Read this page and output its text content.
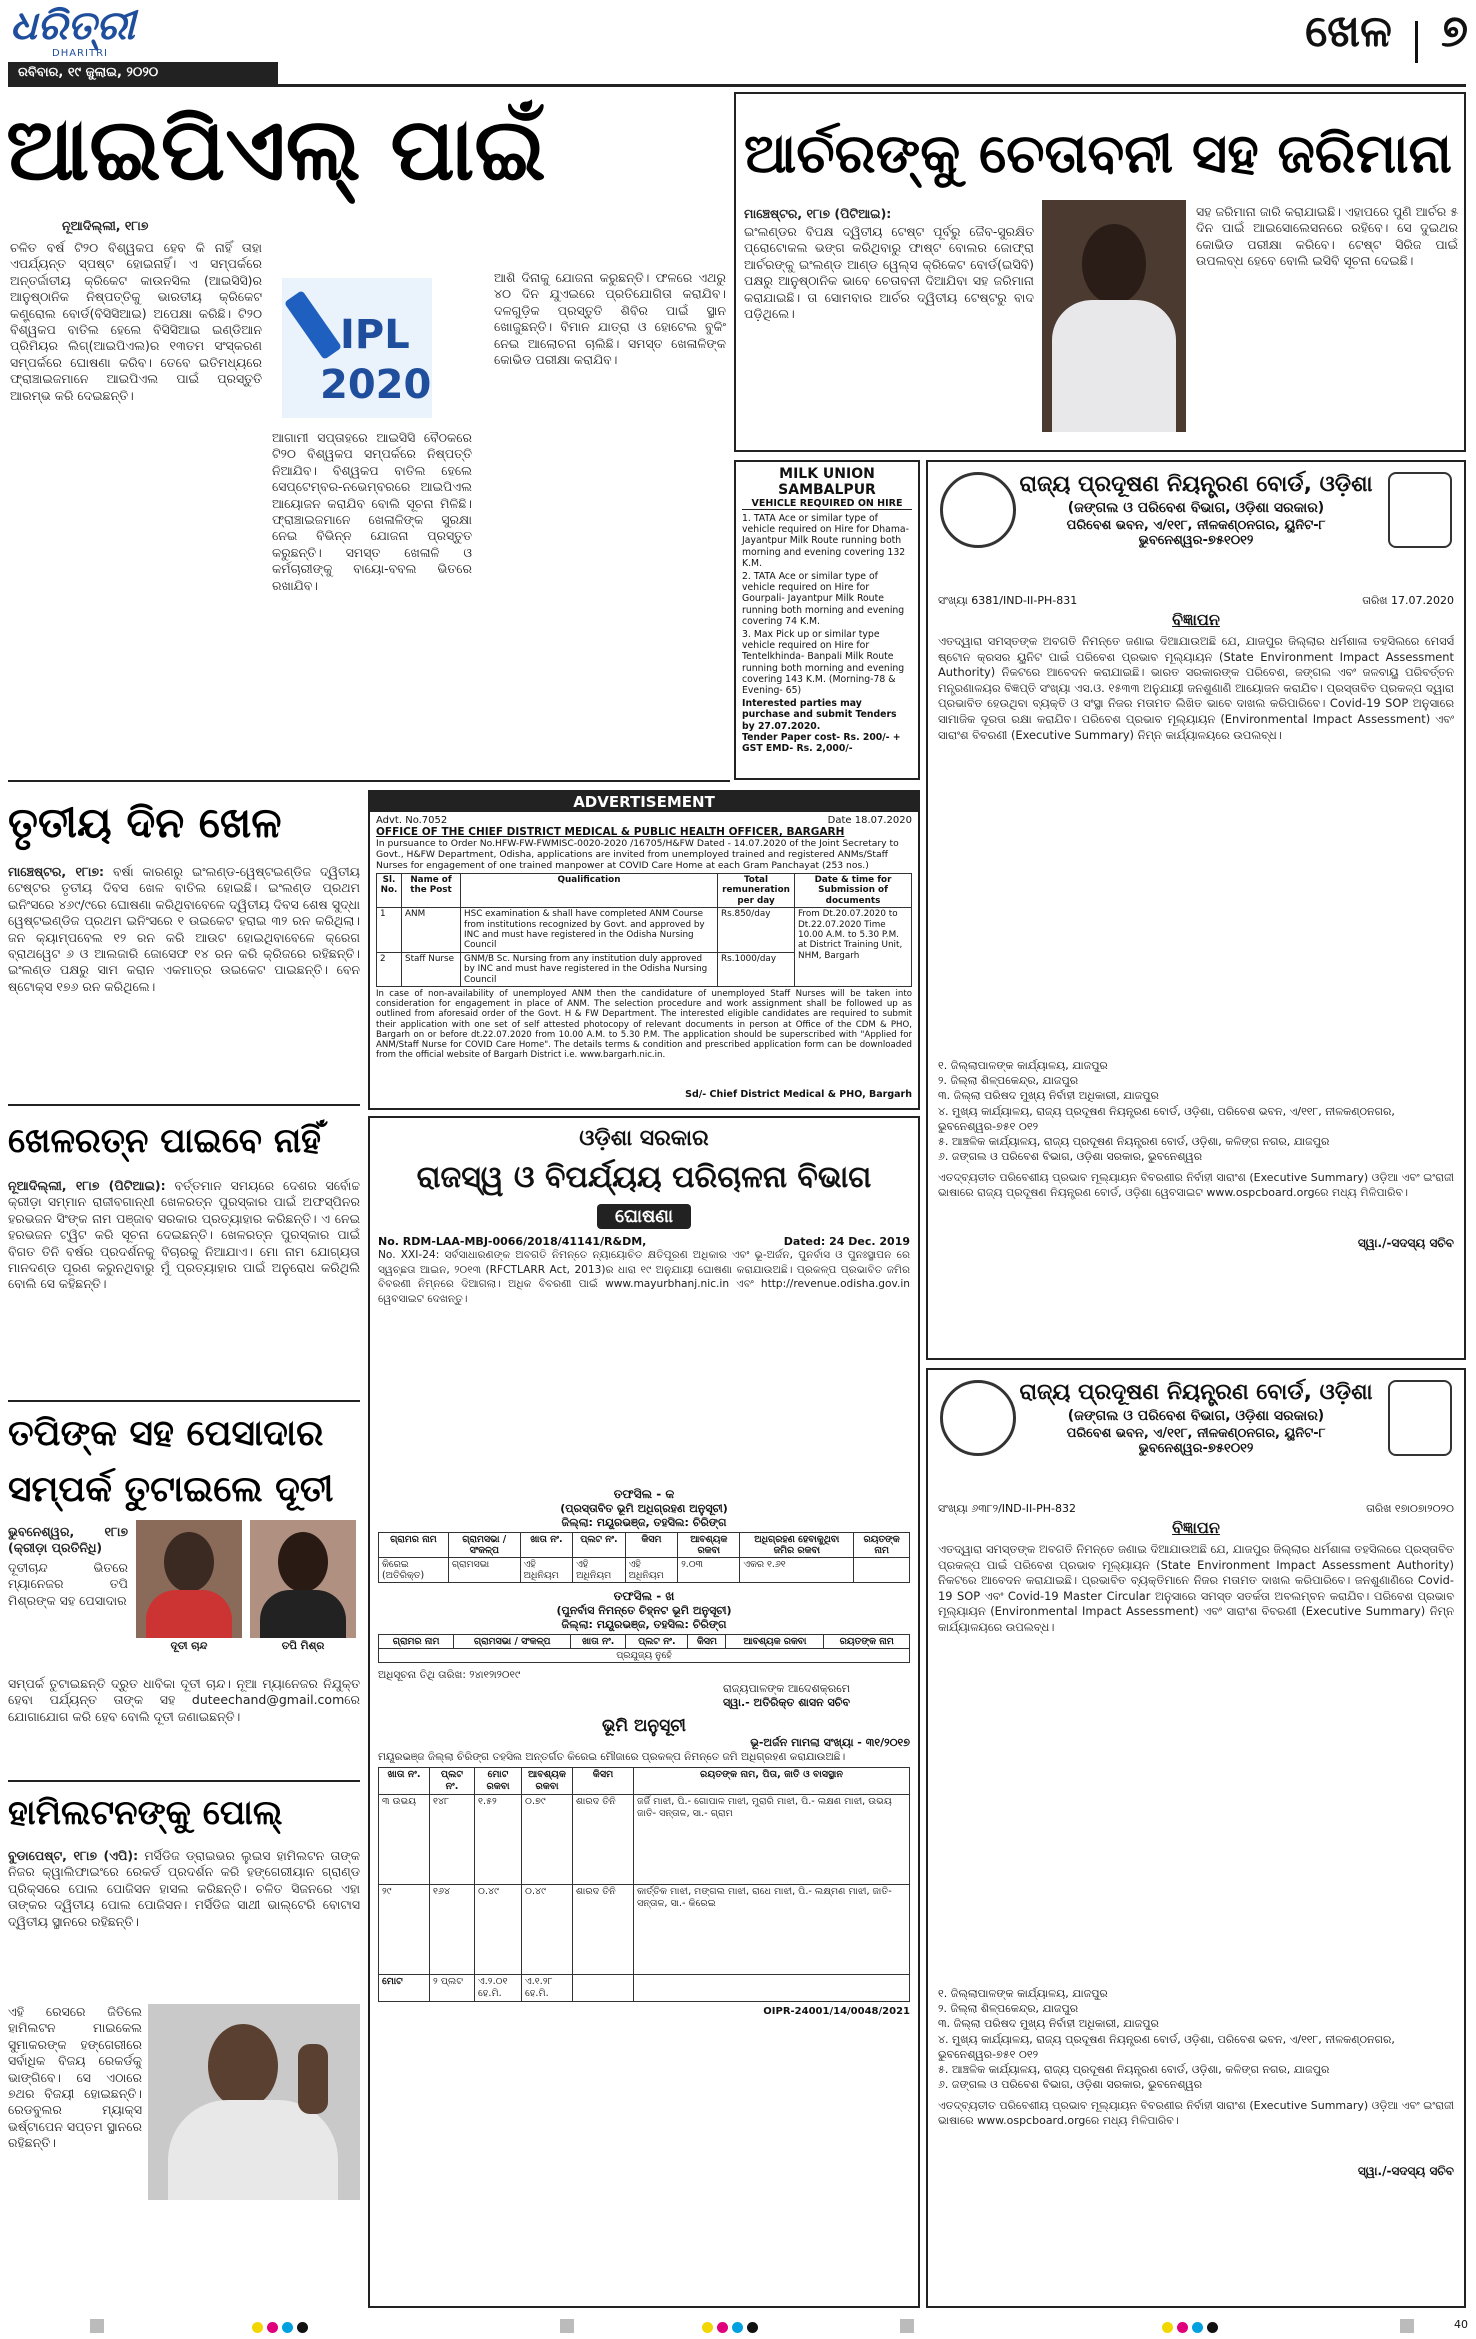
ଧରିତ୍ରୀ
DHARITRI
ରବିବାର, ୧୯ ଜୁଲାଇ, ୨୦୨୦
ଖେଳ ୭
ଆଇପିଏଲ୍ ପାଇଁ
ନୂଆଦିଲ୍ଲୀ, ୧୮ା୭
ଚଳିତ ବର୍ଷ ଟି୨୦ ବିଶ୍ୱକପ ହେବ କି ନାହିଁ ତାହା ଏପର୍ଯ୍ୟନ୍ତ ସ୍ପଷ୍ଟ ହୋଇନାହିଁ। ଏ ସମ୍ପର୍କରେ ଅନ୍ତର୍ଜାତୀୟ କ୍ରିକେଟ କାଉନସିଲ (ଆଇସିସି)ର ଆନୁଷ୍ଠାନିକ ନିଷ୍ପତ୍ତିକୁ ଭାରତୀୟ କ୍ରିକେଟ କଣ୍ଟ୍ରୋଲ ବୋର୍ଡ(ବିସିସିଆଇ) ଅପେକ୍ଷା କରିଛି। ଟି୨୦ ବିଶ୍ୱକପ ବାତିଲ ହେଲେ ବିସିସିଆଇ ଇଣ୍ଡିଆନ ପ୍ରିମିୟର ଲିଗ୍(ଆଇପିଏଲ)ର ୧୩ତମ ସଂସ୍କରଣ ସମ୍ପର୍କରେ ଘୋଷଣା କରିବ। ତେବେ ଇତିମଧ୍ୟରେ ଫ୍ରାଞ୍ଚାଇଜମାନେ ଆଇପିଏଲ ପାଇଁ ପ୍ରସ୍ତୁତି ଆରମ୍ଭ କରି ଦେଇଛନ୍ତି।
IPL
2020
ଆଗାମୀ ସପ୍ତାହରେ ଆଇସିସି ବୈଠକରେ ଟି୨୦ ବିଶ୍ୱକପ ସମ୍ପର୍କରେ ନିଷ୍ପତ୍ତି ନିଆଯିବ। ବିଶ୍ୱକପ ବାତିଲ ହେଲେ ସେପ୍ଟେମ୍ବର-ନଭେମ୍ବରରେ ଆଇପିଏଲ ଆୟୋଜନ କରାଯିବ ବୋଲି ସୂଚନା ମିଳିଛି। ଫ୍ରାଞ୍ଚାଇଜମାନେ ଖେଳାଳିଙ୍କ ସୁରକ୍ଷା ନେଇ ବିଭିନ୍ନ ଯୋଜନା ପ୍ରସ୍ତୁତ କରୁଛନ୍ତି। ସମସ୍ତ ଖେଳାଳି ଓ କର୍ମଚାରୀଙ୍କୁ ବାୟୋ-ବବଲ ଭିତରେ ରଖାଯିବ।
ଆଶି ଦିନାକୁ ଯୋଜନା କରୁଛନ୍ତି। ଫଳରେ ଏଥରୁ ୪୦ ଦିନ ଯୁଏଇରେ ପ୍ରତିଯୋଗିତା କରାଯିବ। ଦଳଗୁଡ଼ିକ ପ୍ରସ୍ତୁତି ଶିବିର ପାଇଁ ସ୍ଥାନ ଖୋଜୁଛନ୍ତି। ବିମାନ ଯାତ୍ରା ଓ ହୋଟେଲ ବୁକିଂ ନେଇ ଆଲୋଚନା ଚାଲିଛି। ସମସ୍ତ ଖେଳାଳିଙ୍କ କୋଭିଡ ପରୀକ୍ଷା କରାଯିବ।
ଆର୍ଚରଙ୍କୁ ଚେତାବନୀ ସହ ଜରିମାନା
ମାଞ୍ଚେଷ୍ଟର, ୧୮ା୭ (ପିଟିଆଇ):
ଇଂଲଣ୍ଡର ବିପକ୍ଷ ଦ୍ୱିତୀୟ ଟେଷ୍ଟ ପୂର୍ବରୁ ଜୈବ-ସୁରକ୍ଷିତ ପ୍ରୋଟୋକଲ ଭଙ୍ଗ କରିଥିବାରୁ ଫାଷ୍ଟ ବୋଲର ଜୋଫ୍ରା ଆର୍ଚରଙ୍କୁ ଇଂଲଣ୍ଡ ଆଣ୍ଡ ୱେଲ୍ସ କ୍ରିକେଟ ବୋର୍ଡ(ଇସିବି) ପକ୍ଷରୁ ଆନୁଷ୍ଠାନିକ ଭାବେ ଚେତାବନୀ ଦିଆଯିବା ସହ ଜରିମାନା କରାଯାଇଛି। ତା ସୋମବାର ଆର୍ଚର ଦ୍ୱିତୀୟ ଟେଷ୍ଟରୁ ବାଦ ପଡ଼ିଥିଲେ।
ସହ ଜରିମାନା ଜାରି କରାଯାଇଛି। ଏହାପରେ ପୁଣି ଆର୍ଚର ୫ ଦିନ ପାଇଁ ଆଇସୋଲେସନରେ ରହିବେ। ସେ ଦୁଇଥର କୋଭିଡ ପରୀକ୍ଷା କରିବେ। ଟେଷ୍ଟ ସିରିଜ ପାଇଁ ଉପଲବ୍ଧ ହେବେ ବୋଲି ଇସିବି ସୂଚନା ଦେଇଛି।
MILK UNION
SAMBALPUR
VEHICLE REQUIRED ON HIRE
1. TATA Ace or similar type of vehicle required on Hire for Dhama- Jayantpur Milk Route running both morning and evening covering 132 K.M.
2. TATA Ace or similar type of vehicle required on Hire for Gourpali- Jayantpur Milk Route running both morning and evening covering 74 K.M.
3. Max Pick up or similar type vehicle required on Hire for Tentelkhinda- Banpali Milk Route running both morning and evening covering 143 K.M. (Morning-78 & Evening- 65)
Interested parties may purchase and submit Tenders by 27.07.2020.
Tender Paper cost- Rs. 200/- + GST EMD- Rs. 2,000/-
ରାଜ୍ୟ ପ୍ରଦୂଷଣ ନିୟନ୍ତ୍ରଣ ବୋର୍ଡ, ଓଡ଼ିଶା
(ଜଙ୍ଗଲ ଓ ପରିବେଶ ବିଭାଗ, ଓଡ଼ିଶା ସରକାର)
ପରିବେଶ ଭବନ, ଏ/୧୧୮, ନୀଳକଣ୍ଠନଗର, ୟୁନିଟ-୮
ଭୁବନେଶ୍ୱର-୭୫୧୦୧୨
ସଂଖ୍ୟା 6381/IND-II-PH-831	ତାରିଖ 17.07.2020
ବିଜ୍ଞାପନ
ଏତଦ୍ୱାରା ସମସ୍ତଙ୍କ ଅବଗତି ନିମନ୍ତେ ଜଣାଇ ଦିଆଯାଉଅଛି ଯେ, ଯାଜପୁର ଜିଲ୍ଲାର ଧର୍ମଶାଳା ତହସିଲରେ ମେସର୍ସ ଷ୍ଟୋନ କ୍ରସର ୟୁନିଟ ପାଇଁ ପରିବେଶ ପ୍ରଭାବ ମୂଲ୍ୟାୟନ (State Environment Impact Assessment Authority) ନିକଟରେ ଆବେଦନ କରାଯାଇଛି। ଭାରତ ସରକାରଙ୍କ ପରିବେଶ, ଜଙ୍ଗଲ ଏବଂ ଜଳବାୟୁ ପରିବର୍ତ୍ତନ ମନ୍ତ୍ରଣାଳୟର ବିଜ୍ଞପ୍ତି ସଂଖ୍ୟା ଏସ.ଓ. ୧୫୩୩ ଅନୁଯାୟୀ ଜନଶୁଣାଣି ଆୟୋଜନ କରାଯିବ। ପ୍ରସ୍ତାବିତ ପ୍ରକଳ୍ପ ଦ୍ୱାରା ପ୍ରଭାବିତ ହେଉଥିବା ବ୍ୟକ୍ତି ଓ ସଂସ୍ଥା ନିଜର ମତାମତ ଲିଖିତ ଭାବେ ଦାଖଲ କରିପାରିବେ। Covid-19 SOP ଅନୁସାରେ ସାମାଜିକ ଦୂରତା ରକ୍ଷା କରାଯିବ। ପରିବେଶ ପ୍ରଭାବ ମୂଲ୍ୟାୟନ (Environmental Impact Assessment) ଏବଂ ସାରାଂଶ ବିବରଣୀ (Executive Summary) ନିମ୍ନ କାର୍ଯ୍ୟାଳୟରେ ଉପଲବ୍ଧ।
୧. ଜିଲ୍ଲାପାଳଙ୍କ କାର୍ଯ୍ୟାଳୟ, ଯାଜପୁର
୨. ଜିଲ୍ଲା ଶିଳ୍ପକେନ୍ଦ୍ର, ଯାଜପୁର
୩. ଜିଲ୍ଲା ପରିଷଦ ମୁଖ୍ୟ ନିର୍ବାହୀ ଅଧିକାରୀ, ଯାଜପୁର
୪. ମୁଖ୍ୟ କାର୍ଯ୍ୟାଳୟ, ରାଜ୍ୟ ପ୍ରଦୂଷଣ ନିୟନ୍ତ୍ରଣ ବୋର୍ଡ, ଓଡ଼ିଶା, ପରିବେଶ ଭବନ, ଏ/୧୧୮, ନୀଳକଣ୍ଠନଗର, ଭୁବନେଶ୍ୱର-୭୫୧ ୦୧୨
୫. ଆଞ୍ଚଳିକ କାର୍ଯ୍ୟାଳୟ, ରାଜ୍ୟ ପ୍ରଦୂଷଣ ନିୟନ୍ତ୍ରଣ ବୋର୍ଡ, ଓଡ଼ିଶା, କଳିଙ୍ଗ ନଗର, ଯାଜପୁର
୬. ଜଙ୍ଗଲ ଓ ପରିବେଶ ବିଭାଗ, ଓଡ଼ିଶା ସରକାର, ଭୁବନେଶ୍ୱର
ଏତଦ୍ବ୍ୟତୀତ ପରିବେଶୀୟ ପ୍ରଭାବ ମୂଲ୍ୟାୟନ ବିବରଣୀର ନିର୍ବାହୀ ସାରାଂଶ (Executive Summary) ଓଡ଼ିଆ ଏବଂ ଇଂରାଜୀ ଭାଷାରେ ରାଜ୍ୟ ପ୍ରଦୂଷଣ ନିୟନ୍ତ୍ରଣ ବୋର୍ଡ, ଓଡ଼ିଶା ୱେବସାଇଟ www.ospcboard.orgରେ ମଧ୍ୟ ମିଳିପାରିବ।
ସ୍ୱା./-ସଦସ୍ୟ ସଚିବ
ତୃତୀୟ ଦିନ ଖେଳ
ମାଞ୍ଚେଷ୍ଟର, ୧୮ା୭: ବର୍ଷା କାରଣରୁ ଇଂଲଣ୍ଡ-ୱେଷ୍ଟଇଣ୍ଡିଜ ଦ୍ୱିତୀୟ ଟେଷ୍ଟର ତୃତୀୟ ଦିବସ ଖେଳ ବାତିଲ ହୋଇଛି। ଇଂଲଣ୍ଡ ପ୍ରଥମ ଇନିଂସରେ ୪୬୯/୯ରେ ଘୋଷଣା କରିଥିବାବେଳେ ଦ୍ୱିତୀୟ ଦିବସ ଶେଷ ସୁଦ୍ଧା ୱେଷ୍ଟଇଣ୍ଡିଜ ପ୍ରଥମ ଇନିଂସରେ ୧ ଉଇକେଟ ହରାଇ ୩୨ ରନ କରିଥିଲା। ଜନ କ୍ୟାମ୍ପବେଲ ୧୨ ରନ କରି ଆଉଟ ହୋଇଥିବାବେଳେ କ୍ରେଗ ବ୍ରାଥୱେଟ ୬ ଓ ଆଲଜାରି ଜୋସେଫ ୧୪ ରନ କରି କ୍ରିଜରେ ରହିଛନ୍ତି। ଇଂଲଣ୍ଡ ପକ୍ଷରୁ ସାମ କରାନ ଏକମାତ୍ର ଉଇକେଟ ପାଇଛନ୍ତି। ବେନ ଷ୍ଟୋକ୍ସ ୧୭୬ ରନ କରିଥିଲେ।
ଖେଳରତ୍ନ ପାଇବେ ନାହିଁ
ନୂଆଦିଲ୍ଲୀ, ୧୮ା୭ (ପିଟିଆଇ): ବର୍ତ୍ତମାନ ସମୟରେ ଦେଶର ସର୍ବୋଚ୍ଚ କ୍ରୀଡ଼ା ସମ୍ମାନ ରାଜୀବଗାନ୍ଧୀ ଖେଳରତ୍ନ ପୁରସ୍କାର ପାଇଁ ଅଫସ୍ପିନର ହରଭଜନ ସିଂଙ୍କ ନାମ ପଞ୍ଜାବ ସରକାର ପ୍ରତ୍ୟାହାର କରିଛନ୍ତି। ଏ ନେଇ ହରଭଜନ ଟ୍ୱିଟ କରି ସୂଚନା ଦେଇଛନ୍ତି। ଖେଳରତ୍ନ ପୁରସ୍କାର ପାଇଁ ବିଗତ ତିନି ବର୍ଷର ପ୍ରଦର୍ଶନକୁ ବିଚାରକୁ ନିଆଯାଏ। ମୋ ନାମ ଯୋଗ୍ୟତା ମାନଦଣ୍ଡ ପୂରଣ କରୁନଥିବାରୁ ମୁଁ ପ୍ରତ୍ୟାହାର ପାଇଁ ଅନୁରୋଧ କରିଥିଲି ବୋଲି ସେ କହିଛନ୍ତି।
ତପିଙ୍କ ସହ ପେସାଦାର
ସମ୍ପର୍କ ତୁଟାଇଲେ ଦୂତୀ
ଭୁବନେଶ୍ୱର, ୧୮ା୭ (କ୍ରୀଡ଼ା ପ୍ରତିନିଧି)
ଦୂତୀଚାନ୍ଦ ଭିତରେ ମ୍ୟାନେଜର ତପି ମିଶ୍ରଙ୍କ ସହ ପେସାଦାର
ଦୂତୀ ଚାନ୍ଦ	ତପି ମିଶ୍ର
ସମ୍ପର୍କ ତୁଟାଇଛନ୍ତି ଦ୍ରୁତ ଧାବିକା ଦୂତୀ ଚାନ୍ଦ। ନୂଆ ମ୍ୟାନେଜର ନିଯୁକ୍ତ ହେବା ପର୍ଯ୍ୟନ୍ତ ତାଙ୍କ ସହ duteechand@gmail.comରେ ଯୋଗାଯୋଗ କରି ହେବ ବୋଲି ଦୂତୀ ଜଣାଇଛନ୍ତି।
ହାମିଲଟନଙ୍କୁ ପୋଲ୍
ବୁଡାପେଷ୍ଟ, ୧୮ା୭ (ଏପି): ମର୍ସିଡିଜ ଡ୍ରାଇଭର ଲୁଇସ ହାମିଲଟନ ତାଙ୍କ ନିଜର କ୍ୱାଲିଫାଇଂରେ ରେକର୍ଡ ପ୍ରଦର୍ଶନ କରି ହଙ୍ଗେରୀୟାନ ଗ୍ରାଣ୍ଡ ପ୍ରିକ୍ସରେ ପୋଲ ପୋଜିସନ ହାସଲ କରିଛନ୍ତି। ଚଳିତ ସିଜନରେ ଏହା ତାଙ୍କର ଦ୍ୱିତୀୟ ପୋଲ ପୋଜିସନ। ମର୍ସିଡିଜ ସାଥୀ ଭାଲ୍ଟେରି ବୋଟାସ ଦ୍ୱିତୀୟ ସ୍ଥାନରେ ରହିଛନ୍ତି।
ଏହି ରେସରେ ଜିତିଲେ ହାମିଲଟନ ମାଇକେଲ ସୁମାକରଙ୍କ ହଙ୍ଗେରୀରେ ସର୍ବାଧିକ ବିଜୟ ରେକର୍ଡକୁ ଭାଙ୍ଗିବେ। ସେ ଏଠାରେ ୭ଥର ବିଜୟୀ ହୋଇଛନ୍ତି। ରେଡବୁଲର ମ୍ୟାକ୍ସ ଭର୍ଷ୍ଟାପେନ ସପ୍ତମ ସ୍ଥାନରେ ରହିଛନ୍ତି।
ADVERTISEMENT
Advt. No.7052	Date 18.07.2020
OFFICE OF THE CHIEF DISTRICT MEDICAL & PUBLIC HEALTH OFFICER, BARGARH
In pursuance to Order No.HFW-FW-FWMISC-0020-2020 /16705/H&FW Dated - 14.07.2020 of the Joint Secretary to Govt., H&FW Department, Odisha, applications are invited from unemployed trained and registered ANMs/Staff Nurses for engagement of one trained manpower at COVID Care Home at each Gram Panchayat (253 nos.)
Sl. No.	Name of the Post	Qualification	Total remuneration per day	Date & time for Submission of documents
1	ANM	HSC examination & shall have completed ANM Course from institutions recognized by Govt. and approved by INC and must have registered in the Odisha Nursing Council	Rs.850/day	From Dt.20.07.2020 to Dt.22.07.2020 Time 10.00 A.M. to 5.30 P.M. at District Training Unit, NHM, Bargarh
2	Staff Nurse	GNM/B Sc. Nursing from any institution duly approved by INC and must have registered in the Odisha Nursing Council	Rs.1000/day	
In case of non-availability of unemployed ANM then the candidature of unemployed Staff Nurses will be taken into consideration for engagement in place of ANM. The selection procedure and work assignment shall be followed up as outlined from aforesaid order of the Govt. H & FW Department. The interested eligible candidates are required to submit their application with one set of self attested photocopy of relevant documents in person at Office of the CDM & PHO, Bargarh on or before dt.22.07.2020 from 10.00 A.M. to 5.30 P.M. The application should be superscribed with "Applied for ANM/Staff Nurse for COVID Care Home". The details terms & condition and prescribed application form can be downloaded from the official website of Bargarh District i.e. www.bargarh.nic.in.
Sd/- Chief District Medical & PHO, Bargarh
ଓଡ଼ିଶା ସରକାର
ରାଜସ୍ୱ ଓ ବିପର୍ଯ୍ୟୟ ପରିଚାଳନା ବିଭାଗ
ଘୋଷଣା
No. RDM-LAA-MBJ-0066/2018/41141/R&DM,	Dated: 24 Dec. 2019
No. XXI-24: ସର୍ବସାଧାରଣଙ୍କ ଅବଗତି ନିମନ୍ତେ ନ୍ୟାୟୋଚିତ କ୍ଷତିପୂରଣ ଅଧିକାର ଏବଂ ଭୂ-ଅର୍ଜନ, ପୁନର୍ବାସ ଓ ପୁନଃସ୍ଥାପନ ରେ ସ୍ୱଚ୍ଛତା ଆଇନ, ୨୦୧୩ (RFCTLARR Act, 2013)ର ଧାରା ୧୯ ଅନୁଯାୟୀ ଘୋଷଣା କରାଯାଉଅଛି। ପ୍ରକଳ୍ପ ପ୍ରଭାବିତ ଜମିର ବିବରଣୀ ନିମ୍ନରେ ଦିଆଗଲା। ଅଧିକ ବିବରଣୀ ପାଇଁ www.mayurbhanj.nic.in ଏବଂ http://revenue.odisha.gov.in ୱେବସାଇଟ ଦେଖନ୍ତୁ।
ତଫସିଲ - କ
(ପ୍ରସ୍ତାବିତ ଭୂମି ଅଧିଗ୍ରହଣ ଅନୁସୂଚୀ)
ଜିଲ୍ଲା: ମୟୂରଭଞ୍ଜ, ତହସିଲ: ଚିରିଙ୍ଗ
ଗ୍ରାମର ନାମ	ଗ୍ରାମସଭା / ସଂକଳ୍ପ	ଖାତା ନଂ.	ପ୍ଲଟ ନଂ.	କିସମ	ଆବଶ୍ୟକ ରକବା	ଅଧିଗ୍ରହଣ ହେବାକୁଥିବା ଜମିର ରକବା	ରୟତଙ୍କ ନାମ
କିରେଇ (ଅତିରିକ୍ତ)	ଗ୍ରାମସଭା	ଏହି ଅଧିନିୟମ	ଏହି ଅଧିନିୟମ	ଏହି ଅଧିନିୟମ	୨.୦୩	ଏକର ୧.୬୧	
ତଫସିଲ - ଖ
(ପୁନର୍ବାସ ନିମନ୍ତେ ଚିହ୍ନଟ ଭୂମି ଅନୁସୂଚୀ)
ଜିଲ୍ଲା: ମୟୂରଭଞ୍ଜ, ତହସିଲ: ଚିରିଙ୍ଗ
ଗ୍ରାମର ନାମ	ଗ୍ରାମସଭା / ସଂକଳ୍ପ	ଖାତା ନଂ.	ପ୍ଲଟ ନଂ.	କିସମ	ଆବଶ୍ୟକ ରକବା	ରୟତଙ୍କ ନାମ
ପ୍ରଯୁଜ୍ୟ ନୁହେଁ
ଅଧିସୂଚନା ତିଥି ତାରିଖ: ୨୪ା୧୨ା୨୦୧୯
ରାଜ୍ୟପାଳଙ୍କ ଆଦେଶକ୍ରମେ
ସ୍ୱା.- ଅତିରିକ୍ତ ଶାସନ ସଚିବ
ଭୂମି ଅନୁସୂଚୀ
ଭୂ-ଅର୍ଜନ ମାମଲା ସଂଖ୍ୟା - ୩୧/୨୦୧୭
ମୟୂରଭଞ୍ଜ ଜିଲ୍ଲା ଚିରିଙ୍ଗ ତହସିଲ ଅନ୍ତର୍ଗତ କିରେଇ ମୌଜାରେ ପ୍ରକଳ୍ପ ନିମନ୍ତେ ଜମି ଅଧିଗ୍ରହଣ କରାଯାଉଅଛି।
ଖାତା ନଂ.	ପ୍ଲଟ ନଂ.	ମୋଟ ରକବା	ଆବଶ୍ୟକ ରକବା	କିସମ	ରୟତଙ୍କ ନାମ, ପିତା, ଜାତି ଓ ବାସସ୍ଥାନ
୩ ଉଭୟ	୧୪୮	୧.୫୨	୦.୭୯	ଶାରଦ ତିନି	ଜର୍ଜି ମାଝୀ, ପି.- ଗୋପାଳ ମାଝୀ, ମୁରାରି ମାଝୀ, ପି.- ଲକ୍ଷଣ ମାଝୀ, ଉଭୟ ଜାତି- ସନ୍ତାଳ, ସା.- ଗ୍ରାମ
୨୯	୧୬୪	୦.୪୯	୦.୪୯	ଶାରଦ ତିନି	କାର୍ତ୍ତିକ ମାଝୀ, ମଙ୍ଗଲ ମାଝୀ, ରାଧେ ମାଝୀ, ପି.- ଲକ୍ଷ୍ମଣ ମାଝୀ, ଜାତି- ସନ୍ତାଳ, ସା.- କିରେଇ
ମୋଟ	୨ ପ୍ଲଟ	ଏ.୨.୦୧ ହେ.ମି.	ଏ.୧.୨୮ ହେ.ମି.		
OIPR-24001/14/0048/2021
ରାଜ୍ୟ ପ୍ରଦୂଷଣ ନିୟନ୍ତ୍ରଣ ବୋର୍ଡ, ଓଡ଼ିଶା
(ଜଙ୍ଗଲ ଓ ପରିବେଶ ବିଭାଗ, ଓଡ଼ିଶା ସରକାର)
ପରିବେଶ ଭବନ, ଏ/୧୧୮, ନୀଳକଣ୍ଠନଗର, ୟୁନିଟ-୮
ଭୁବନେଶ୍ୱର-୭୫୧୦୧୨
ସଂଖ୍ୟା ୬୩୮୨/IND-II-PH-832	ତାରିଖ ୧୭ା୦୭ା୨୦୨୦
ବିଜ୍ଞାପନ
ଏତଦ୍ୱାରା ସମସ୍ତଙ୍କ ଅବଗତି ନିମନ୍ତେ ଜଣାଇ ଦିଆଯାଉଅଛି ଯେ, ଯାଜପୁର ଜିଲ୍ଲାର ଧର୍ମଶାଳା ତହସିଲରେ ପ୍ରସ୍ତାବିତ ପ୍ରକଳ୍ପ ପାଇଁ ପରିବେଶ ପ୍ରଭାବ ମୂଲ୍ୟାୟନ (State Environment Impact Assessment Authority) ନିକଟରେ ଆବେଦନ କରାଯାଇଛି। ପ୍ରଭାବିତ ବ୍ୟକ୍ତିମାନେ ନିଜର ମତାମତ ଦାଖଲ କରିପାରିବେ। ଜନଶୁଣାଣିରେ Covid-19 SOP ଏବଂ Covid-19 Master Circular ଅନୁସାରେ ସମସ୍ତ ସତର୍କତା ଅବଲମ୍ବନ କରାଯିବ। ପରିବେଶ ପ୍ରଭାବ ମୂଲ୍ୟାୟନ (Environmental Impact Assessment) ଏବଂ ସାରାଂଶ ବିବରଣୀ (Executive Summary) ନିମ୍ନ କାର୍ଯ୍ୟାଳୟରେ ଉପଲବ୍ଧ।
୧. ଜିଲ୍ଲାପାଳଙ୍କ କାର୍ଯ୍ୟାଳୟ, ଯାଜପୁର
୨. ଜିଲ୍ଲା ଶିଳ୍ପକେନ୍ଦ୍ର, ଯାଜପୁର
୩. ଜିଲ୍ଲା ପରିଷଦ ମୁଖ୍ୟ ନିର୍ବାହୀ ଅଧିକାରୀ, ଯାଜପୁର
୪. ମୁଖ୍ୟ କାର୍ଯ୍ୟାଳୟ, ରାଜ୍ୟ ପ୍ରଦୂଷଣ ନିୟନ୍ତ୍ରଣ ବୋର୍ଡ, ଓଡ଼ିଶା, ପରିବେଶ ଭବନ, ଏ/୧୧୮, ନୀଳକଣ୍ଠନଗର, ଭୁବନେଶ୍ୱର-୭୫୧ ୦୧୨
୫. ଆଞ୍ଚଳିକ କାର୍ଯ୍ୟାଳୟ, ରାଜ୍ୟ ପ୍ରଦୂଷଣ ନିୟନ୍ତ୍ରଣ ବୋର୍ଡ, ଓଡ଼ିଶା, କଳିଙ୍ଗ ନଗର, ଯାଜପୁର
୬. ଜଙ୍ଗଲ ଓ ପରିବେଶ ବିଭାଗ, ଓଡ଼ିଶା ସରକାର, ଭୁବନେଶ୍ୱର
ଏତଦ୍ବ୍ୟତୀତ ପରିବେଶୀୟ ପ୍ରଭାବ ମୂଲ୍ୟାୟନ ବିବରଣୀର ନିର୍ବାହୀ ସାରାଂଶ (Executive Summary) ଓଡ଼ିଆ ଏବଂ ଇଂରାଜୀ ଭାଷାରେ www.ospcboard.orgରେ ମଧ୍ୟ ମିଳିପାରିବ।
ସ୍ୱା./-ସଦସ୍ୟ ସଚିବ
40
